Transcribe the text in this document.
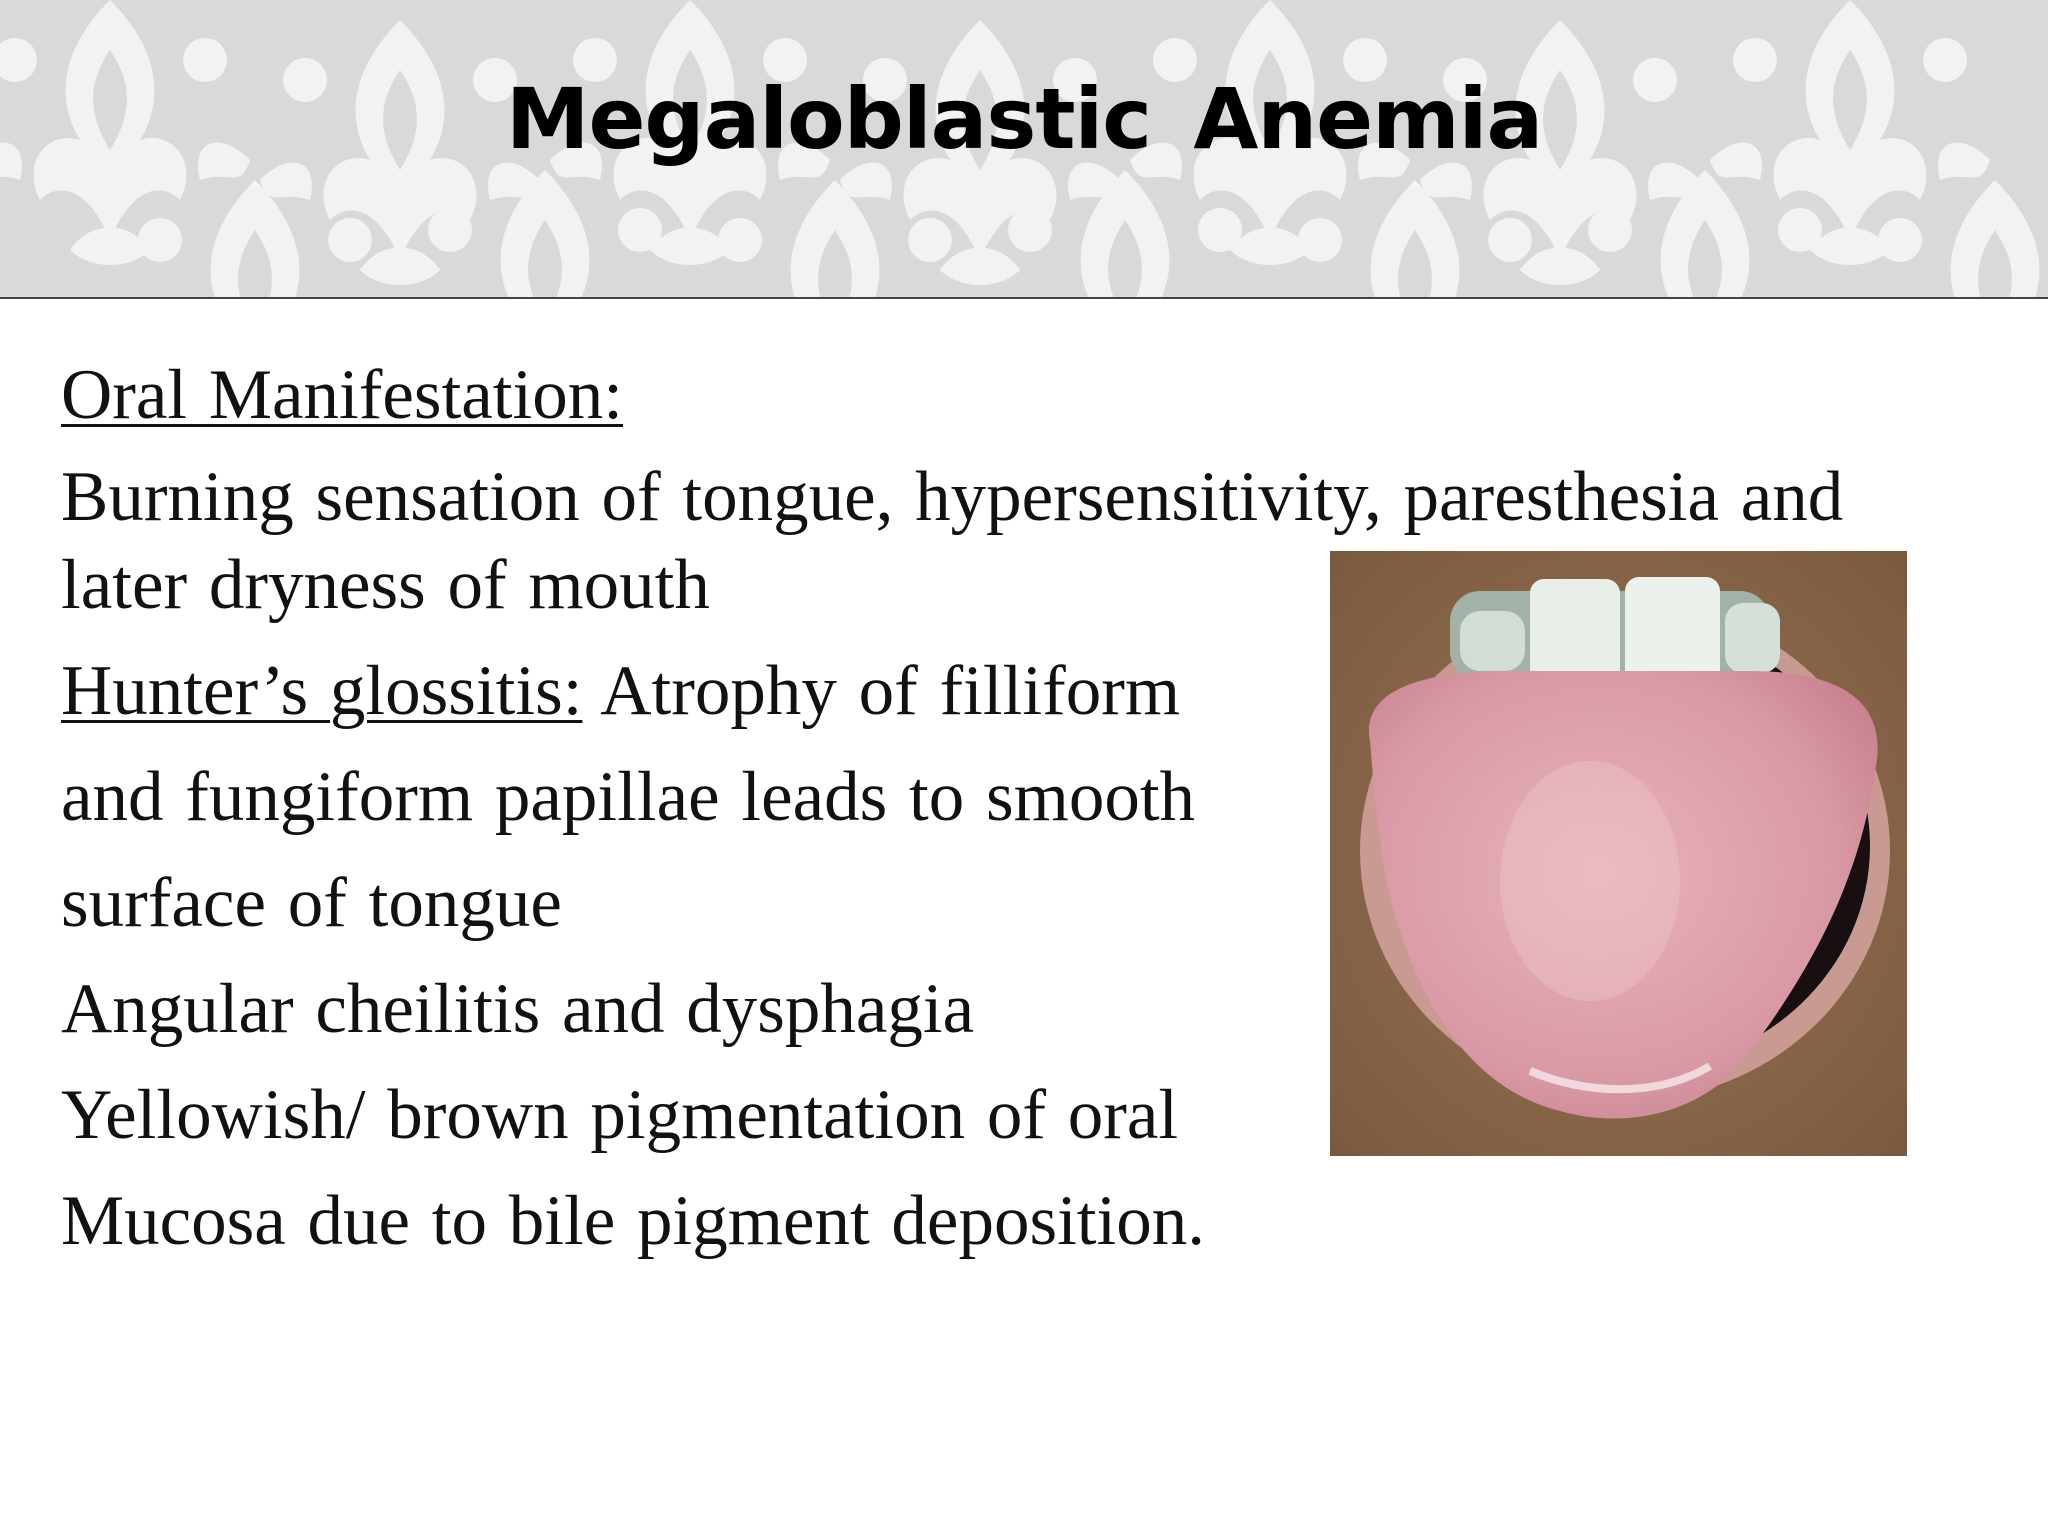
Megaloblastic Anemia

Oral Manifestation:

Burning sensation of tongue, hypersensitivity, paresthesia and

later dryness of mouth

Hunter’s glossitis: Atrophy of filliform

and fungiform papillae leads to smooth

surface of tongue

Angular cheilitis and dysphagia

Yellowish/ brown pigmentation of oral

Mucosa due to bile pigment deposition.
